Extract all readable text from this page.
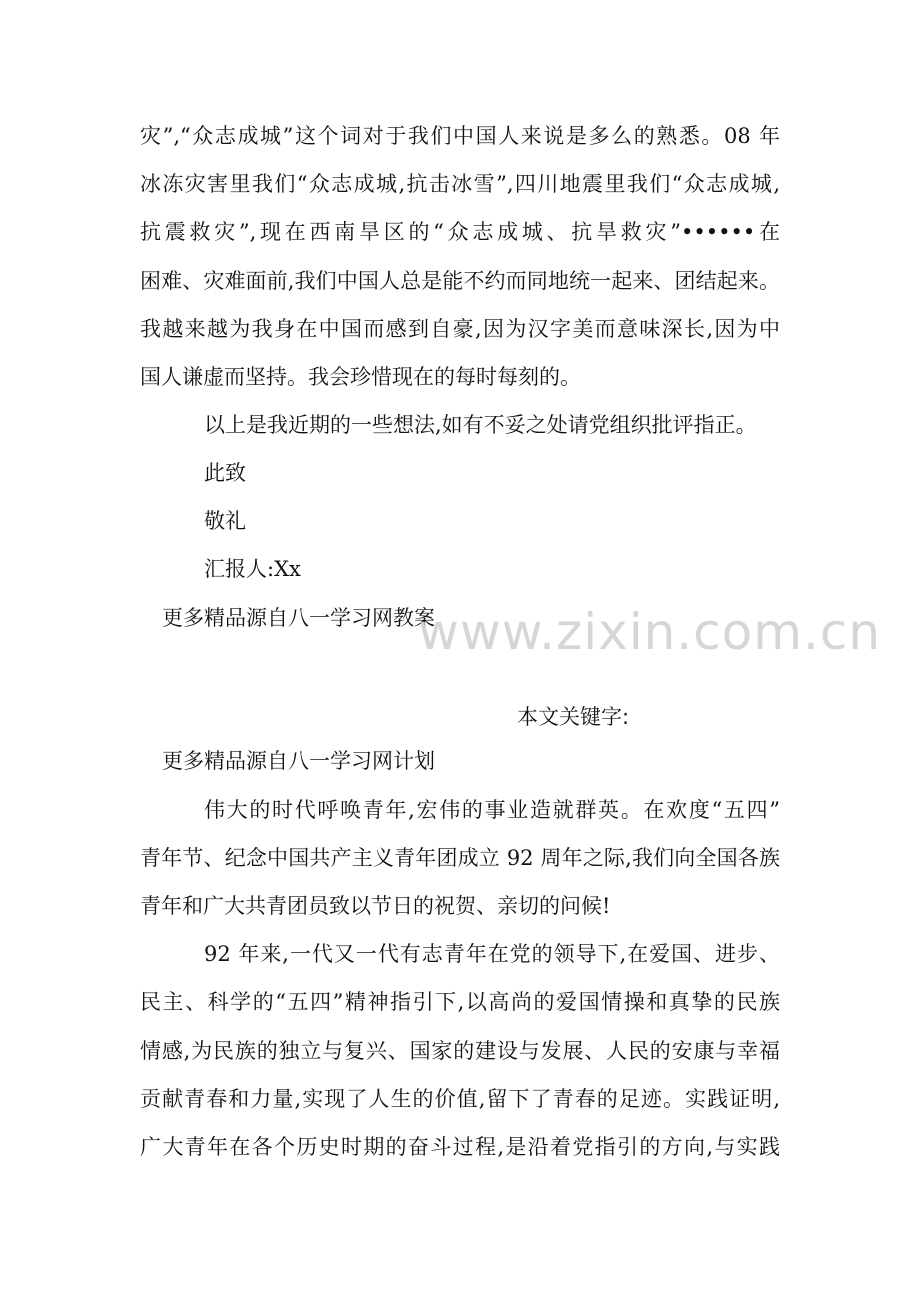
灾”,“众志成城”这个词对于我们中国人来说是多么的熟悉。08 年
冰冻灾害里我们“众志成城,抗击冰雪”,四川地震里我们“众志成城,
抗震救灾”,现在西南旱区的“众志成城、抗旱救灾”••••••在
困难、灾难面前,我们中国人总是能不约而同地统一起来、团结起来。
我越来越为我身在中国而感到自豪,因为汉字美而意味深长,因为中
国人谦虚而坚持。我会珍惜现在的每时每刻的。
以上是我近期的一些想法,如有不妥之处请党组织批评指正。
此致
敬礼
汇报人:Xx
更多精品源自八一学习网教案
www.zixin.com.cn
本文关键字:
更多精品源自八一学习网计划
伟大的时代呼唤青年,宏伟的事业造就群英。在欢度“五四”
青年节、纪念中国共产主义青年团成立 92 周年之际,我们向全国各族
青年和广大共青团员致以节日的祝贺、亲切的问候!
92 年来,一代又一代有志青年在党的领导下,在爱国、进步、
民主、科学的“五四”精神指引下,以高尚的爱国情操和真挚的民族
情感,为民族的独立与复兴、国家的建设与发展、人民的安康与幸福
贡献青春和力量,实现了人生的价值,留下了青春的足迹。实践证明,
广大青年在各个历史时期的奋斗过程,是沿着党指引的方向,与实践
